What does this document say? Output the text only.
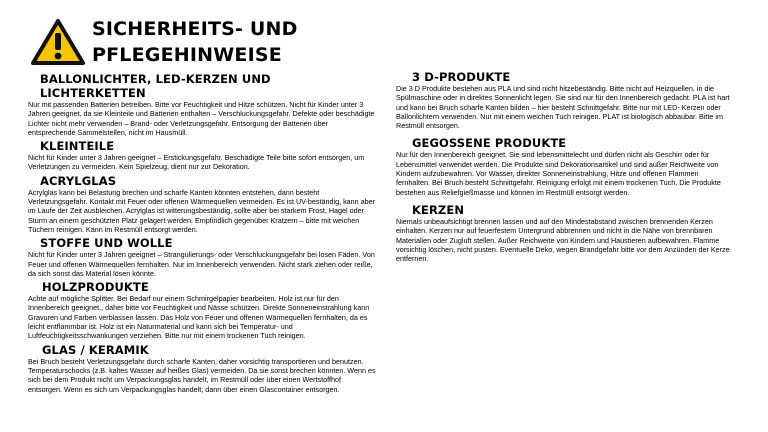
SICHERHEITS- UND PFLEGEHINWEISE
BALLONLICHTER, LED-KERZEN UND LICHTERKETTEN

Nur mit passenden Batterien betreiben. Bitte vor Feuchtigkeit und Hitze schützen. Nicht für Kinder unter 3 Jahren geeignet, da sie Kleinteile und Batterien enthalten – Verschluckungsgefahr. Defekte oder beschädigte Lichter nicht mehr verwenden – Brand- oder Verletzungsgefahr. Entsorgung der Batterien über entsprechende Sammelstellen, nicht im Hausmüll.

KLEINTEILE

Nicht für Kinder unter 3 Jahren geeignet – Erstickungsgefahr. Beschädigte Teile bitte sofort entsorgen, um Verletzungen zu vermeiden. Kein Spielzeug, dient nur zur Dekoration.

ACRYLGLAS

Acrylglas kann bei Belastung brechen und scharfe Kanten könnten entstehen, dann besteht Verletzungsgefahr. Kontakt mit Feuer oder offenen Wärmequellen vermeiden. Es ist UV-beständig, kann aber im Laufe der Zeit ausbleichen. Acrylglas ist witterungsbeständig, sollte aber bei starkem Frost, Hagel oder Sturm an einem geschützten Platz gelagert werden. Empfindlich gegenüber Kratzern – bitte mit weichen Tüchern reinigen. Kann im Restmüll entsorgt werden.

STOFFE UND WOLLE

Nicht für Kinder unter 3 Jahren geeignet – Strangulierungs- oder Verschluckungsgefahr bei losen Fäden. Von Feuer und offenen Wärmequellen fernhalten. Nur im Innenbereich verwenden. Nicht stark ziehen oder reiße, da sich sonst das Material lösen könnte.

HOLZPRODUKTE

Achte auf mögliche Splitter. Bei Bedarf nur einem Schmirgelpapier bearbeiten. Holz ist nur für den Innenbereich geeignet., daher bitte vor Feuchtigkeit und Nässe schützen. Direkte Sonneneinstrahlung kann Gravuren und Farben verblassen lassen. Das Holz von Feuer und offenen Wärmequellen fernhalten, da es leicht entflammbar ist. Holz ist ein Naturmaterial und kann sich bei Temperatur- und Luftfeuchtigkeitsschwankungen verziehen. Bitte nur mit einem trockenen Tuch reinigen.

GLAS / KERAMIK

Bei Bruch besteht Verletzungsgefahr durch scharfe Kanten, daher vorsichtig transportieren und benutzen. Temperaturschocks (z.B. kaltes Wasser auf heißes Glas) vermeiden. Da sie sonst brechen könnten. Wenn es sich bei dem Produkt nicht um Verpackungsglas handelt, im Restmüll oder über einen Wertstoffhof entsorgen. Wenn es sich um Verpackungsglas handelt, dann über einen Glascontainer entsorgen.

3 D-PRODUKTE

Die 3 D Produkte bestehen aus PLA und sind nicht hitzebeständig. Bitte nicht auf Heizquellen, in die Spülmaschine oder in direktes Sonnenlicht legen. Sie sind nur für den Innenbereich gedacht. PLA ist hart und kann bei Bruch scharfe Kanten bilden – hier besteht Schnittgefahr. Bitte nur mit LED- Kerzen oder Ballonlichtern verwenden. Nur mit einem weichen Tuch reinigen. PLAT ist biologisch abbaubar. Bitte im Restmüll entsorgen.

GEGOSSENE PRODUKTE

Nur für den Innenbereich geeignet. Sie sind lebensmittelecht und dürfen nicht als Geschirr oder für Lebensmittel verwendet werden. Die Produkte sind Dekorationsartikel und sind außer Reichweite von Kindern aufzubewahren. Vor Wasser, direkter Sonneneinstrahlung, Hitze und offenen Flammen fernhalten. Bei Bruch besteht Schnittgefahr. Reinigung erfolgt mit einem trockenen Tuch, Die Produkte bestehen aus Reliefgießmasse und können im Restmüll entsorgt werden.

KERZEN

Niemals unbeaufsichtigt brennen lassen und auf den Mindestabstand zwischen brennenden Kerzen einhalten. Kerzen nur auf feuerfestem Untergrund abbrennen und nicht in die Nähe von brennbaren Materialien oder Zugluft stellen. Außer Reichweite von Kindern und Haustieren aufbewahren. Flamme vorsichtig löschen, nicht pusten. Eventuelle Deko, wegen Brandgefahr bitte vor dem Anzünden der Kerze entfernen.
